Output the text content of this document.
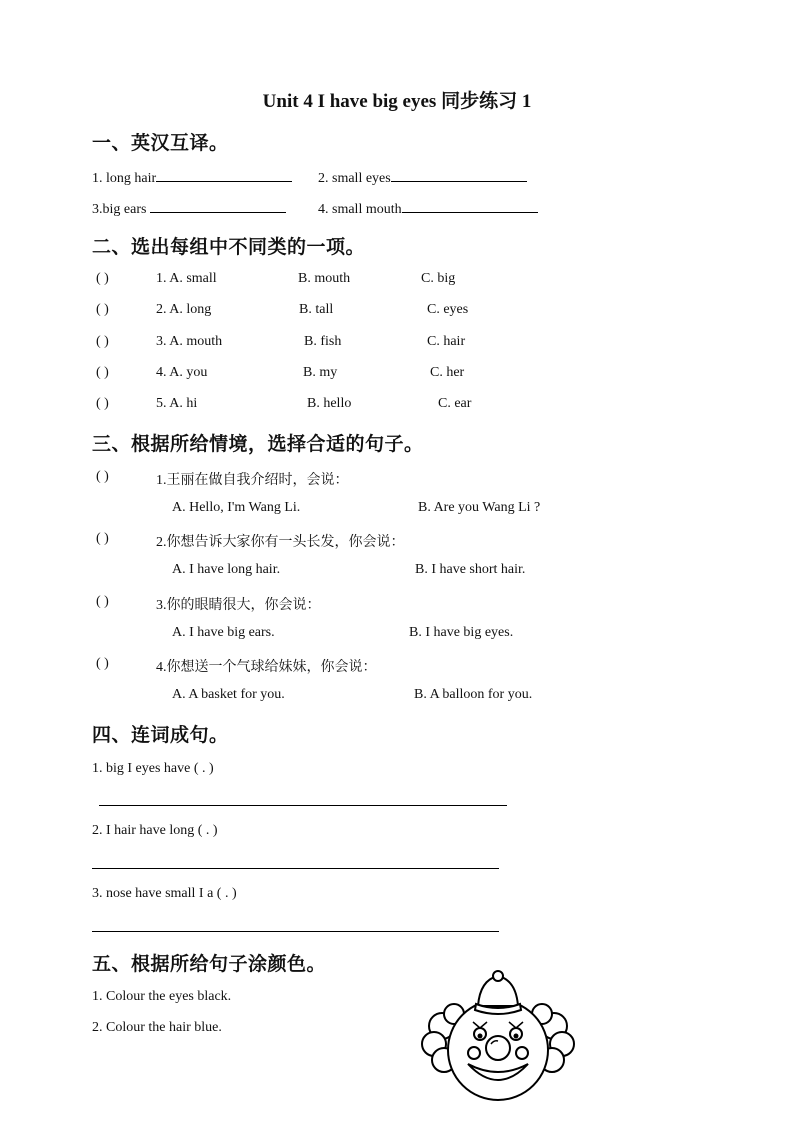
Unit 4 I have big eyes 同步练习 1
一、英汉互译。
1. long hair	2. small eyes
3.big ears	4. small mouth
二、选出每组中不同类的一项。
( )	1. A. small	B. mouth	C. big
( )	2. A. long	B. tall	C. eyes
( )	3. A. mouth	B. fish	C. hair
( )	4. A. you	B. my	C. her
( )	5. A. hi	B. hello	C. ear
三、根据所给情境，选择合适的句子。
( )	1.王丽在做自我介绍时，会说：
A. Hello, I'm Wang Li.	B. Are you Wang Li ?
( )	2.你想告诉大家你有一头长发，你会说：
A. I have long hair.	B. I have short hair.
( )	3.你的眼睛很大，你会说：
A. I have big ears.	B. I have big eyes.
( )	4.你想送一个气球给妹妹，你会说：
A. A basket for you.	B. A balloon for you.
四、连词成句。
1. big I eyes have ( . )
2. I hair have long ( . )
3. nose have small I a ( . )
五、根据所给句子涂颜色。
1. Colour the eyes black.
2. Colour the hair blue.
